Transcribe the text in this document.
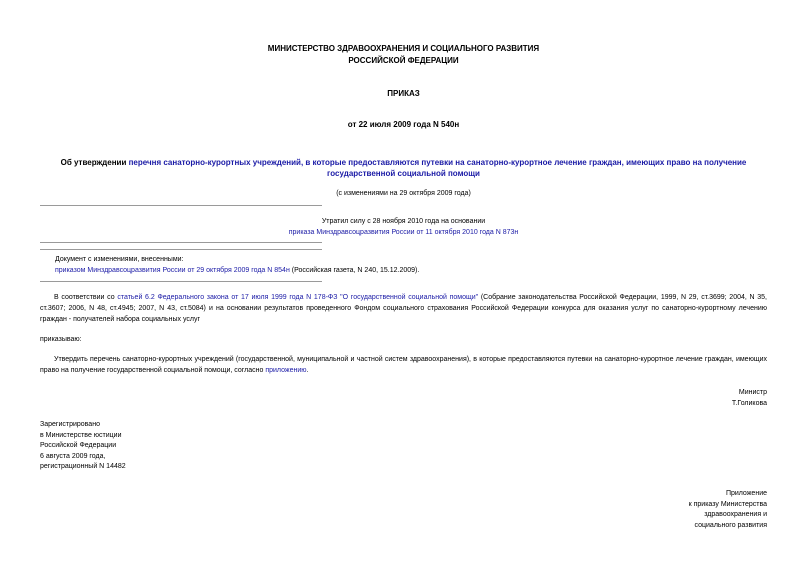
МИНИСТЕРСТВО ЗДРАВООХРАНЕНИЯ И СОЦИАЛЬНОГО РАЗВИТИЯ
РОССИЙСКОЙ ФЕДЕРАЦИИ
ПРИКАЗ
от 22 июля 2009 года N 540н
Об утверждении перечня санаторно-курортных учреждений, в которые предоставляются путевки на санаторно-курортное лечение граждан, имеющих право на получение государственной социальной помощи
(с изменениями на 29 октября 2009 года)
Утратил силу с 28 ноября 2010 года на основании
приказа Минздравсоцразвития России от 11 октября 2010 года N 873н
Документ с изменениями, внесенными:
приказом Минздравсоцразвития России от 29 октября 2009 года N 854н (Российская газета, N 240, 15.12.2009).
В соответствии со статьей 6.2 Федерального закона от 17 июля 1999 года N 178-ФЗ "О государственной социальной помощи" (Собрание законодательства Российской Федерации, 1999, N 29, ст.3699; 2004, N 35, ст.3607; 2006, N 48, ст.4945; 2007, N 43, ст.5084) и на основании результатов проведенного Фондом социального страхования Российской Федерации конкурса для оказания услуг по санаторно-курортному лечению граждан - получателей набора социальных услуг
приказываю:
Утвердить перечень санаторно-курортных учреждений (государственной, муниципальной и частной систем здравоохранения), в которые предоставляются путевки на санаторно-курортное лечение граждан, имеющих право на получение государственной социальной помощи, согласно приложению.
Министр
Т.Голикова
Зарегистрировано
в Министерстве юстиции
Российской Федерации
6 августа 2009 года,
регистрационный N 14482
Приложение
к приказу Министерства
здравоохранения и
социального развития
